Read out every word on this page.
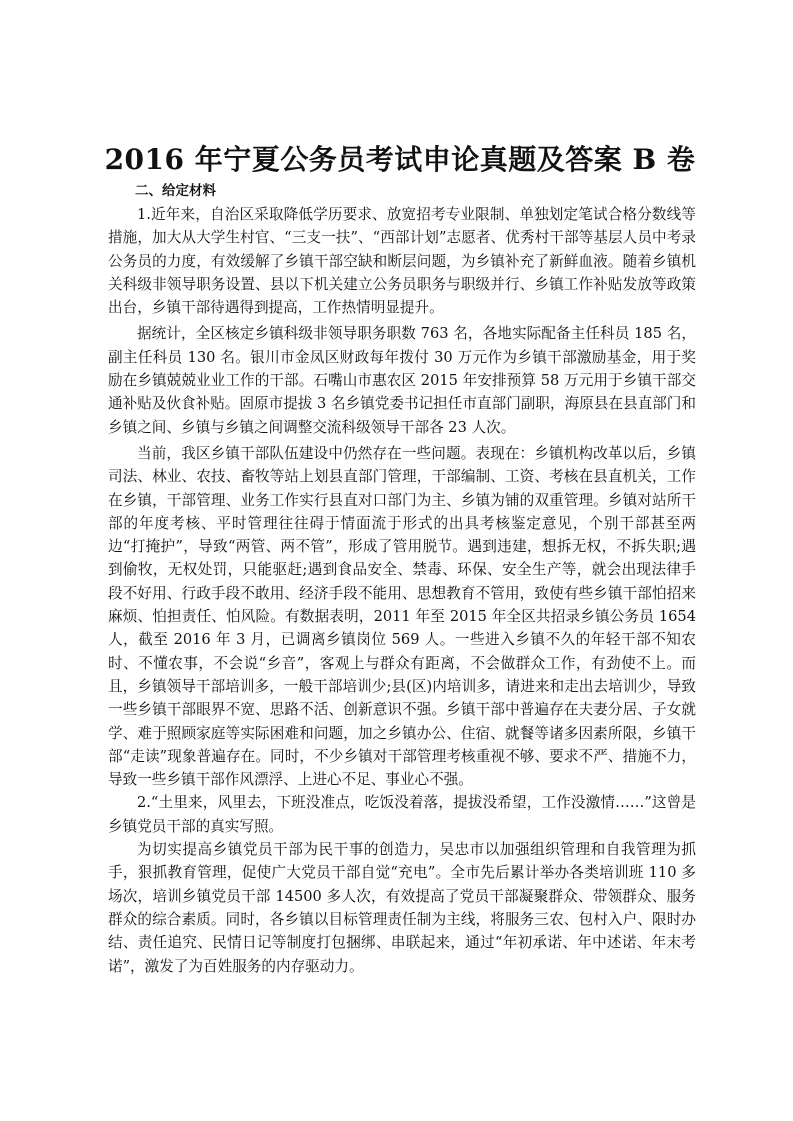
2016 年宁夏公务员考试申论真题及答案 B 卷
二、给定材料

1.近年来，自治区采取降低学历要求、放宽招考专业限制、单独划定笔试合格分数线等措施，加大从大学生村官、“三支一扶”、“西部计划”志愿者、优秀村干部等基层人员中考录公务员的力度，有效缓解了乡镇干部空缺和断层问题，为乡镇补充了新鲜血液。随着乡镇机关科级非领导职务设置、县以下机关建立公务员职务与职级并行、乡镇工作补贴发放等政策出台，乡镇干部待遇得到提高，工作热情明显提升。

据统计，全区核定乡镇科级非领导职务职数 763 名，各地实际配备主任科员 185 名，副主任科员 130 名。银川市金凤区财政每年拨付 30 万元作为乡镇干部激励基金，用于奖励在乡镇兢兢业业工作的干部。石嘴山市惠农区 2015 年安排预算 58 万元用于乡镇干部交通补贴及伙食补贴。固原市提拔 3 名乡镇党委书记担任市直部门副职，海原县在县直部门和乡镇之间、乡镇与乡镇之间调整交流科级领导干部各 23 人次。

当前，我区乡镇干部队伍建设中仍然存在一些问题。表现在：乡镇机构改革以后，乡镇司法、林业、农技、畜牧等站上划县直部门管理，干部编制、工资、考核在县直机关，工作在乡镇，干部管理、业务工作实行县直对口部门为主、乡镇为铺的双重管理。乡镇对站所干部的年度考核、平时管理往往碍于情面流于形式的出具考核鉴定意见，个别干部甚至两边“打掩护”，导致“两管、两不管”，形成了管用脱节。遇到违建，想拆无权，不拆失职;遇到偷牧，无权处罚，只能驱赶;遇到食品安全、禁毒、环保、安全生产等，就会出现法律手段不好用、行政手段不敢用、经济手段不能用、思想教育不管用，致使有些乡镇干部怕招来麻烦、怕担责任、怕风险。有数据表明，2011 年至 2015 年全区共招录乡镇公务员 1654 人，截至 2016 年 3 月，已调离乡镇岗位 569 人。一些进入乡镇不久的年轻干部不知农时、不懂农事，不会说“乡音”，客观上与群众有距离，不会做群众工作，有劲使不上。而且，乡镇领导干部培训多，一般干部培训少;县(区)内培训多，请进来和走出去培训少，导致一些乡镇干部眼界不宽、思路不活、创新意识不强。乡镇干部中普遍存在夫妻分居、子女就学、难于照顾家庭等实际困难和问题，加之乡镇办公、住宿、就餐等诸多因素所限，乡镇干部“走读”现象普遍存在。同时，不少乡镇对干部管理考核重视不够、要求不严、措施不力，导致一些乡镇干部作风漂浮、上进心不足、事业心不强。

2.“土里来，风里去，下班没准点，吃饭没着落，提拔没希望，工作没激情……”这曾是乡镇党员干部的真实写照。

为切实提高乡镇党员干部为民干事的创造力，吴忠市以加强组织管理和自我管理为抓手，狠抓教育管理，促使广大党员干部自觉“充电”。全市先后累计举办各类培训班 110 多场次，培训乡镇党员干部 14500 多人次，有效提高了党员干部凝聚群众、带领群众、服务群众的综合素质。同时，各乡镇以目标管理责任制为主线，将服务三农、包村入户、限时办结、责任追究、民情日记等制度打包捆绑、串联起来，通过“年初承诺、年中述诺、年末考诺”，激发了为百姓服务的内存驱动力。
